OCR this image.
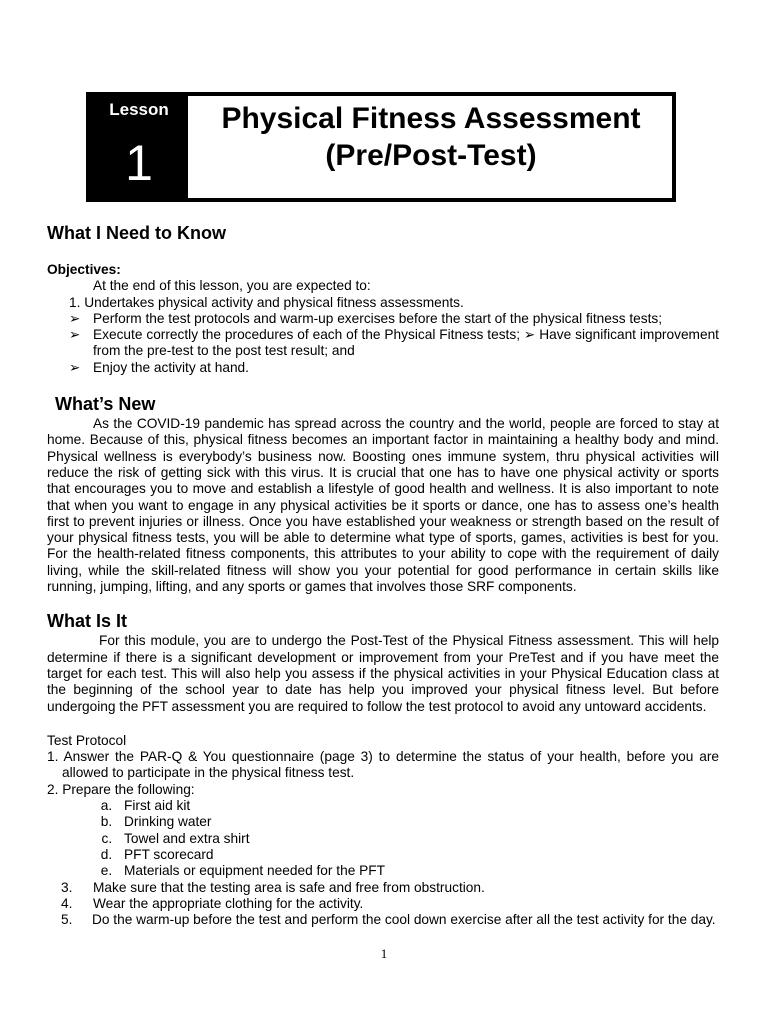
Lesson
1
Physical Fitness Assessment
(Pre/Post-Test)
What I Need to Know

Objectives:

At the end of this lesson, you are expected to:

1. Undertakes physical activity and physical fitness assessments.

➢ Perform the test protocols and warm-up exercises before the start of the physical fitness tests;
➢ Execute correctly the procedures of each of the Physical Fitness tests; ➢ Have significant improvement from the pre-test to the post test result; and
➢ Enjoy the activity at hand.
What’s New

As the COVID-19 pandemic has spread across the country and the world, people are forced to stay at home. Because of this, physical fitness becomes an important factor in maintaining a healthy body and mind. Physical wellness is everybody’s business now. Boosting ones immune system, thru physical activities will reduce the risk of getting sick with this virus. It is crucial that one has to have one physical activity or sports that encourages you to move and establish a lifestyle of good health and wellness. It is also important to note that when you want to engage in any physical activities be it sports or dance, one has to assess one’s health first to prevent injuries or illness. Once you have established your weakness or strength based on the result of your physical fitness tests, you will be able to determine what type of sports, games, activities is best for you. For the health-related fitness components, this attributes to your ability to cope with the requirement of daily living, while the skill-related fitness will show you your potential for good performance in certain skills like running, jumping, lifting, and any sports or games that involves those SRF components.

What Is It

For this module, you are to undergo the Post-Test of the Physical Fitness assessment. This will help determine if there is a significant development or improvement from your PreTest and if you have meet the target for each test. This will also help you assess if the physical activities in your Physical Education class at the beginning of the school year to date has help you improved your physical fitness level. But before undergoing the PFT assessment you are required to follow the test protocol to avoid any untoward accidents.

Test Protocol

1. Answer the PAR-Q & You questionnaire (page 3) to determine the status of your health, before you are allowed to participate in the physical fitness test.

2. Prepare the following:

a. First aid kit
b. Drinking water
c. Towel and extra shirt
d. PFT scorecard
e. Materials or equipment needed for the PFT
3. Make sure that the testing area is safe and free from obstruction.
4. Wear the appropriate clothing for the activity.
5. Do the warm-up before the test and perform the cool down exercise after all the test activity for the day.
1
